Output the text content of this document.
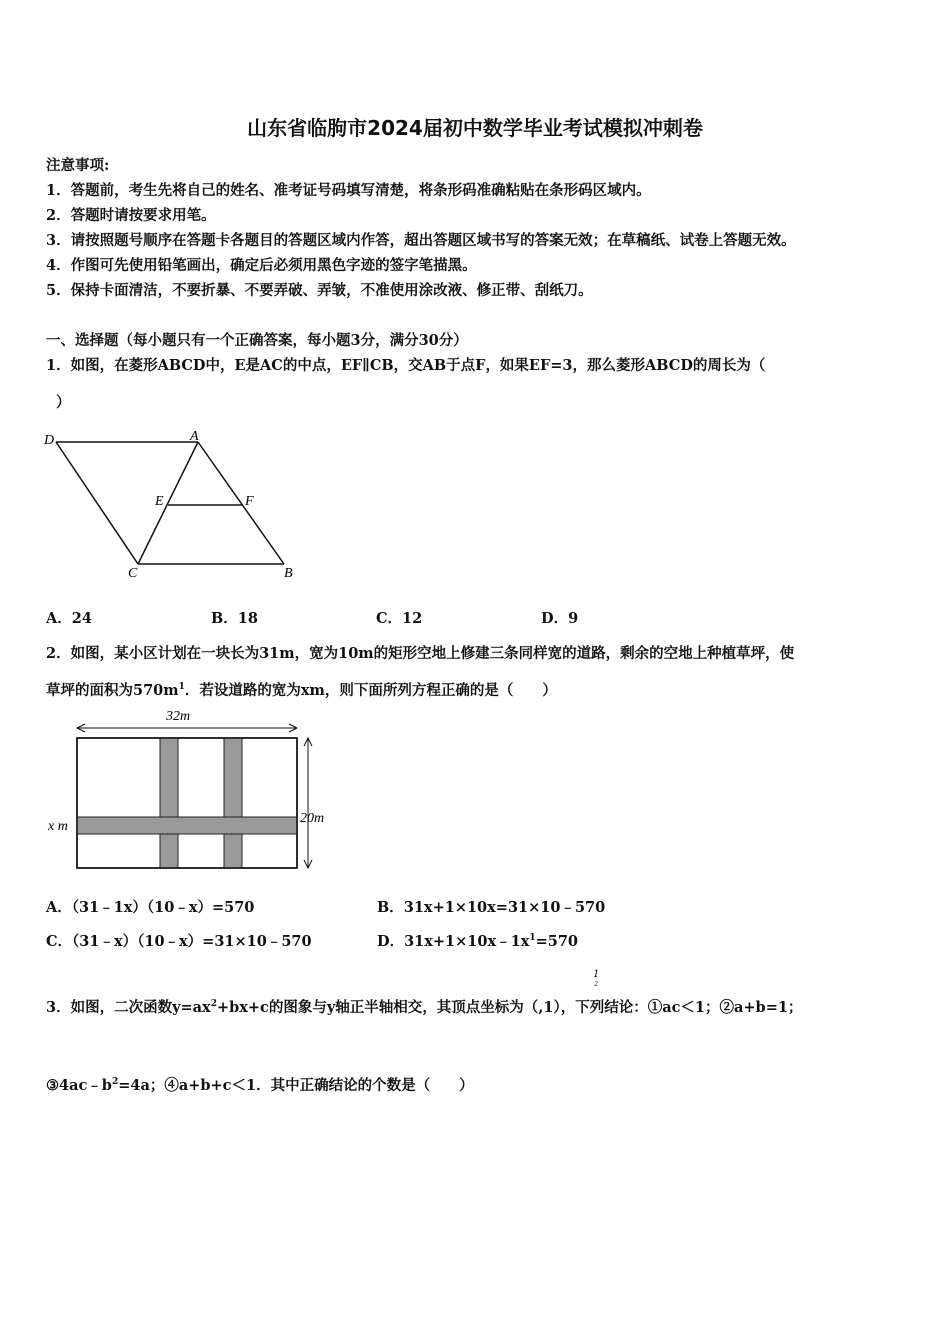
山东省临朐市2024届初中数学毕业考试模拟冲刺卷
注意事项:
1．答题前，考生先将自己的姓名、准考证号码填写清楚，将条形码准确粘贴在条形码区域内。
2．答题时请按要求用笔。
3．请按照题号顺序在答题卡各题目的答题区域内作答，超出答题区域书写的答案无效；在草稿纸、试卷上答题无效。
4．作图可先使用铅笔画出，确定后必须用黑色字迹的签字笔描黑。
5．保持卡面清洁，不要折暴、不要弄破、弄皱，不准使用涂改液、修正带、刮纸刀。
一、选择题（每小题只有一个正确答案，每小题3分，满分30分）
1．如图，在菱形ABCD中，E是AC的中点，EF∥CB，交AB于点F，如果EF=3，那么菱形ABCD的周长为（
）
D	A
E	F
C	B
A．24	B．18	C．12	D．9
2．如图，某小区计划在一块长为31m，宽为10m的矩形空地上修建三条同样宽的道路，剩余的空地上种植草坪，使
草坪的面积为$570m^1$．若设道路的宽为xm，则下面所列方程正确的是（　　）
32m
20m
x m
A．（31﹣1x）（10﹣x）=570	B．31x+1×10x=31×10﹣570
C．（31﹣x）（10﹣x）=31×10﹣570	D．$31x+1\times 10x﹣1x^1=570$
1
2
3．如图，二次函数$y=ax^2+bx+c$的图象与y轴正半轴相交，其顶点坐标为（,1），下列结论：①ac＜1；②a+b=1；
$③4ac﹣b^2=4a$；④a+b+c＜1．其中正确结论的个数是（　　）
